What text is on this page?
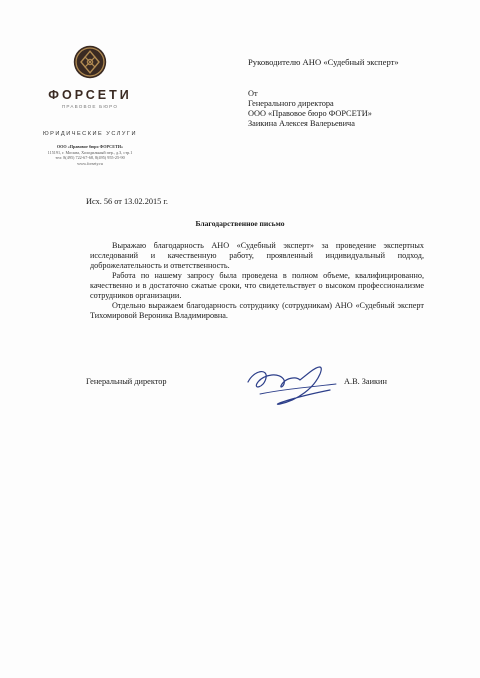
ФОРСЕТИ
ПРАВОВОЕ БЮРО
ЮРИДИЧЕСКИЕ УСЛУГИ
ООО «Правовое бюро ФОРСЕТИ»
115191, г. Москва, Холодильный пер., д.3, стр.1
тел: 8(495) 722-67-68, 8(495) 955-25-90
www.forsety.ru
Руководителю АНО «Судебный эксперт»
От
Генерального директора
ООО «Правовое бюро ФОРСЕТИ»
Заикина Алексея Валерьевича
Исх. 56 от 13.02.2015 г.
Благодарственное письмо

Выражаю благодарность АНО «Судебный эксперт» за проведение экспертных исследований и качественную работу, проявленный индивидуальный подход, доброжелательность и ответственность.

Работа по нашему запросу была проведена в полном объеме, квалифицированно, качественно и в достаточно сжатые сроки, что свидетельствует о высоком профессионализме сотрудников организации.

Отдельно выражаем благодарность сотруднику (сотрудникам) АНО «Судебный эксперт Тихомировой Вероника Владимировна.

Генеральный директор	А.В. Заикин
